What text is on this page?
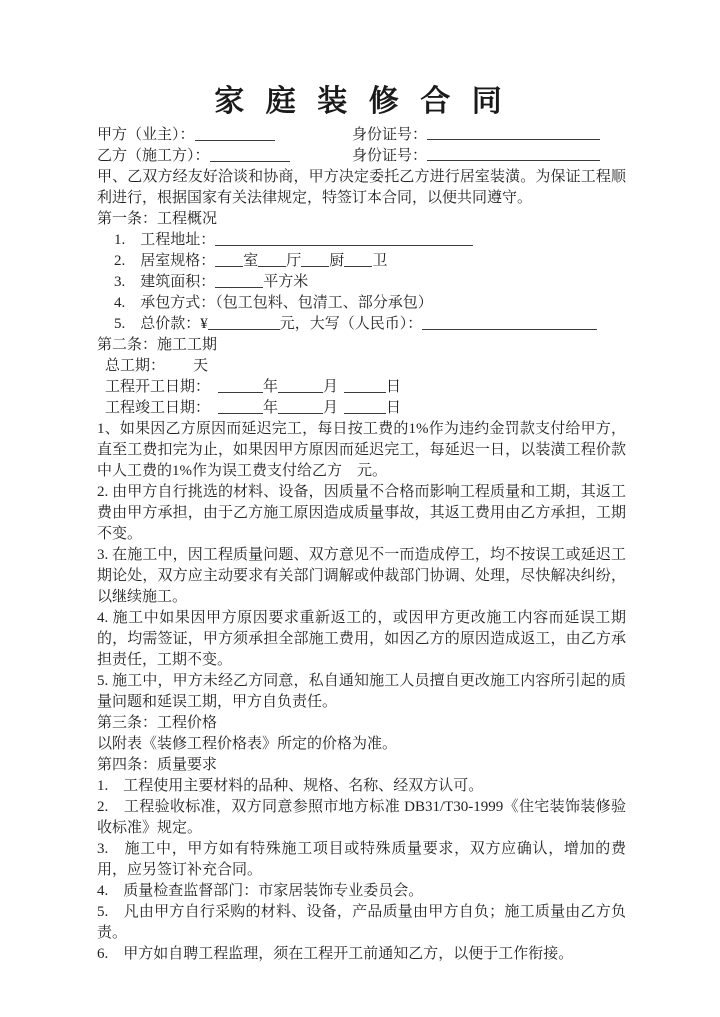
家 庭 装 修 合 同
甲方（业主）：	身份证号：
乙方（施工方）：	身份证号：

甲、乙双方经友好洽谈和协商，甲方决定委托乙方进行居室装潢。为保证工程顺利进行，根据国家有关法律规定，特签订本合同，以便共同遵守。

第一条：工程概况
1.　工程地址：
2.　居室规格： 室 厅 厨 卫
3.　建筑面积：	平方米
4.　承包方式：（包工包料、包清工、部分承包）
5.　总价款：¥	元，大写（人民币）：
第二条：施工工期
总工期： 天
工程开工日期：	年	月	日
工程竣工日期：	年	月	日

1、如果因乙方原因而延迟完工，每日按工费的1%作为违约金罚款支付给甲方，直至工费扣完为止，如果因甲方原因而延迟完工，每延迟一日，以装潢工程价款中人工费的1%作为误工费支付给乙方　元。

2. 由甲方自行挑选的材料、设备，因质量不合格而影响工程质量和工期，其返工费由甲方承担，由于乙方施工原因造成质量事故，其返工费用由乙方承担，工期不变。

3. 在施工中，因工程质量问题、双方意见不一而造成停工，均不按误工或延迟工期论处，双方应主动要求有关部门调解或仲裁部门协调、处理，尽快解决纠纷，以继续施工。

4. 施工中如果因甲方原因要求重新返工的，或因甲方更改施工内容而延误工期的，均需签证，甲方须承担全部施工费用，如因乙方的原因造成返工，由乙方承担责任，工期不变。

5. 施工中，甲方未经乙方同意，私自通知施工人员擅自更改施工内容所引起的质量问题和延误工期，甲方自负责任。

第三条：工程价格

以附表《装修工程价格表》所定的价格为准。

第四条：质量要求

1.　工程使用主要材料的品种、规格、名称、经双方认可。

2.　工程验收标准，双方同意参照市地方标准 DB31/T30-1999《住宅装饰装修验收标准》规定。

3.　施工中，甲方如有特殊施工项目或特殊质量要求，双方应确认，增加的费用，应另签订补充合同。

4.　质量检查监督部门：市家居装饰专业委员会。

5.　凡由甲方自行采购的材料、设备，产品质量由甲方自负；施工质量由乙方负责。

6.　甲方如自聘工程监理，须在工程开工前通知乙方，以便于工作衔接。
